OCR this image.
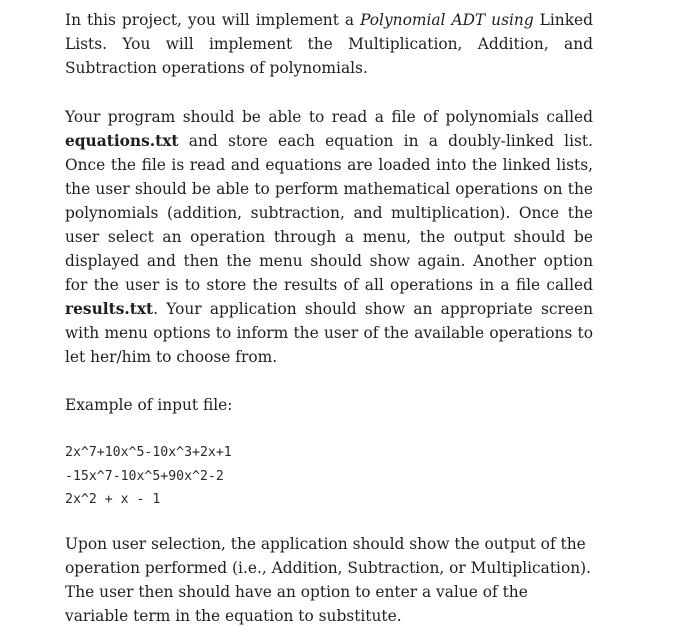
In this project, you will implement a Polynomial ADT using Linked Lists. You will implement the Multiplication, Addition, and Subtraction operations of polynomials.

Your program should be able to read a file of polynomials called equations.txt and store each equation in a doubly-linked list. Once the file is read and equations are loaded into the linked lists, the user should be able to perform mathematical operations on the polynomials (addition, subtraction, and multiplication). Once the user select an operation through a menu, the output should be displayed and then the menu should show again. Another option for the user is to store the results of all operations in a file called results.txt. Your application should show an appropriate screen with menu options to inform the user of the available operations to let her/him to choose from.

Example of input file:

2x^7+10x^5-10x^3+2x+1
-15x^7-10x^5+90x^2-2
2x^2 + x - 1

Upon user selection, the application should show the output of the operation performed (i.e., Addition, Subtraction, or Multiplication). The user then should have an option to enter a value of the variable term in the equation to substitute.
